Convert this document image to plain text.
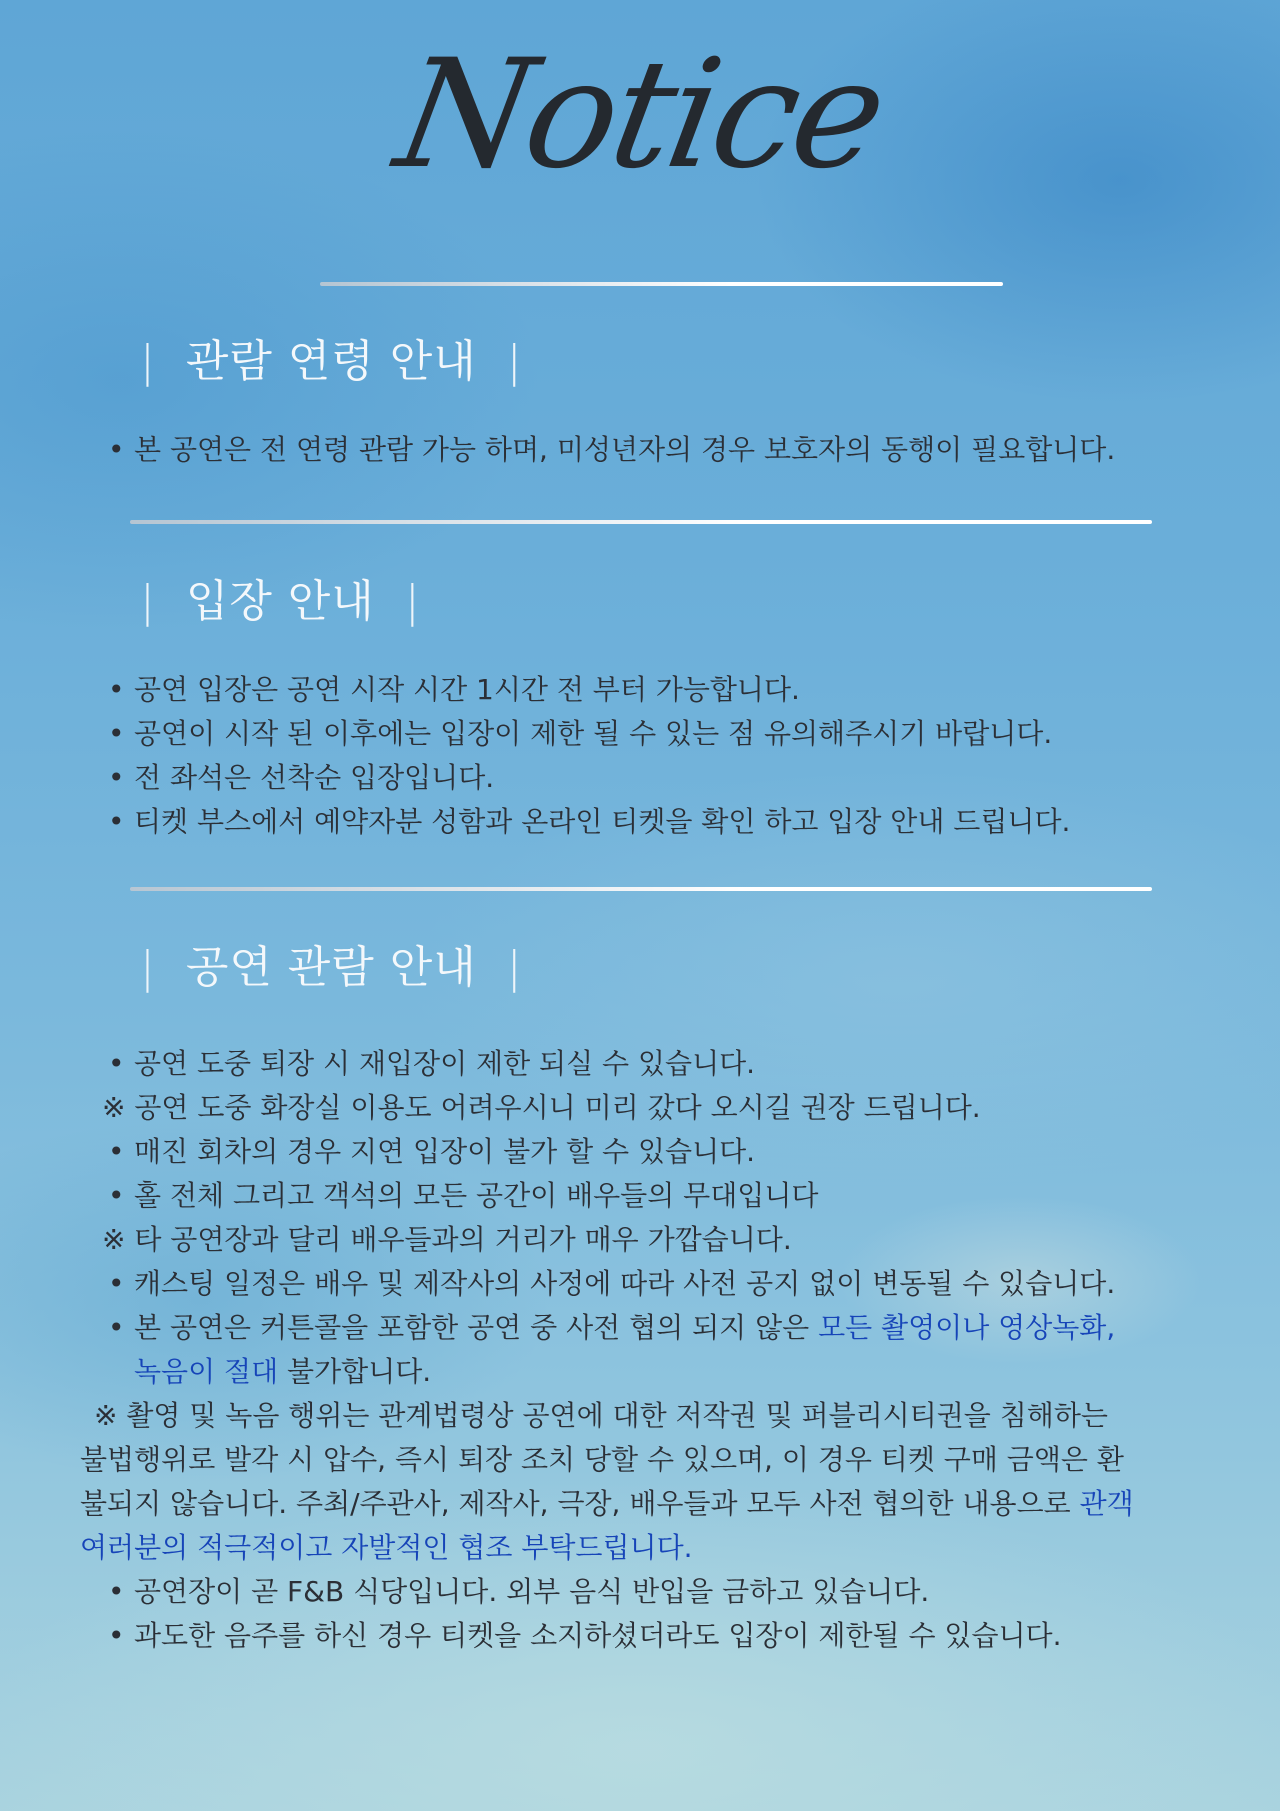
Notice
| 관람 연령 안내 |
• 본 공연은 전 연령 관람 가능 하며, 미성년자의 경우 보호자의 동행이 필요합니다.
| 입장 안내 |
• 공연 입장은 공연 시작 시간 1시간 전 부터 가능합니다.
• 공연이 시작 된 이후에는 입장이 제한 될 수 있는 점 유의해주시기 바랍니다.
• 전 좌석은 선착순 입장입니다.
• 티켓 부스에서 예약자분 성함과 온라인 티켓을 확인 하고 입장 안내 드립니다.
| 공연 관람 안내 |
• 공연 도중 퇴장 시 재입장이 제한 되실 수 있습니다.
※ 공연 도중 화장실 이용도 어려우시니 미리 갔다 오시길 권장 드립니다.
• 매진 회차의 경우 지연 입장이 불가 할 수 있습니다.
• 홀 전체 그리고 객석의 모든 공간이 배우들의 무대입니다
※ 타 공연장과 달리 배우들과의 거리가 매우 가깝습니다.
• 캐스팅 일정은 배우 및 제작사의 사정에 따라 사전 공지 없이 변동될 수 있습니다.
• 본 공연은 커튼콜을 포함한 공연 중 사전 협의 되지 않은 모든 촬영이나 영상녹화,
녹음이 절대 불가합니다.
※ 촬영 및 녹음 행위는 관계법령상 공연에 대한 저작권 및 퍼블리시티권을 침해하는
불법행위로 발각 시 압수, 즉시 퇴장 조치 당할 수 있으며, 이 경우 티켓 구매 금액은 환
불되지 않습니다. 주최/주관사, 제작사, 극장, 배우들과 모두 사전 협의한 내용으로 관객
여러분의 적극적이고 자발적인 협조 부탁드립니다.
• 공연장이 곧 F&B 식당입니다. 외부 음식 반입을 금하고 있습니다.
• 과도한 음주를 하신 경우 티켓을 소지하셨더라도 입장이 제한될 수 있습니다.
